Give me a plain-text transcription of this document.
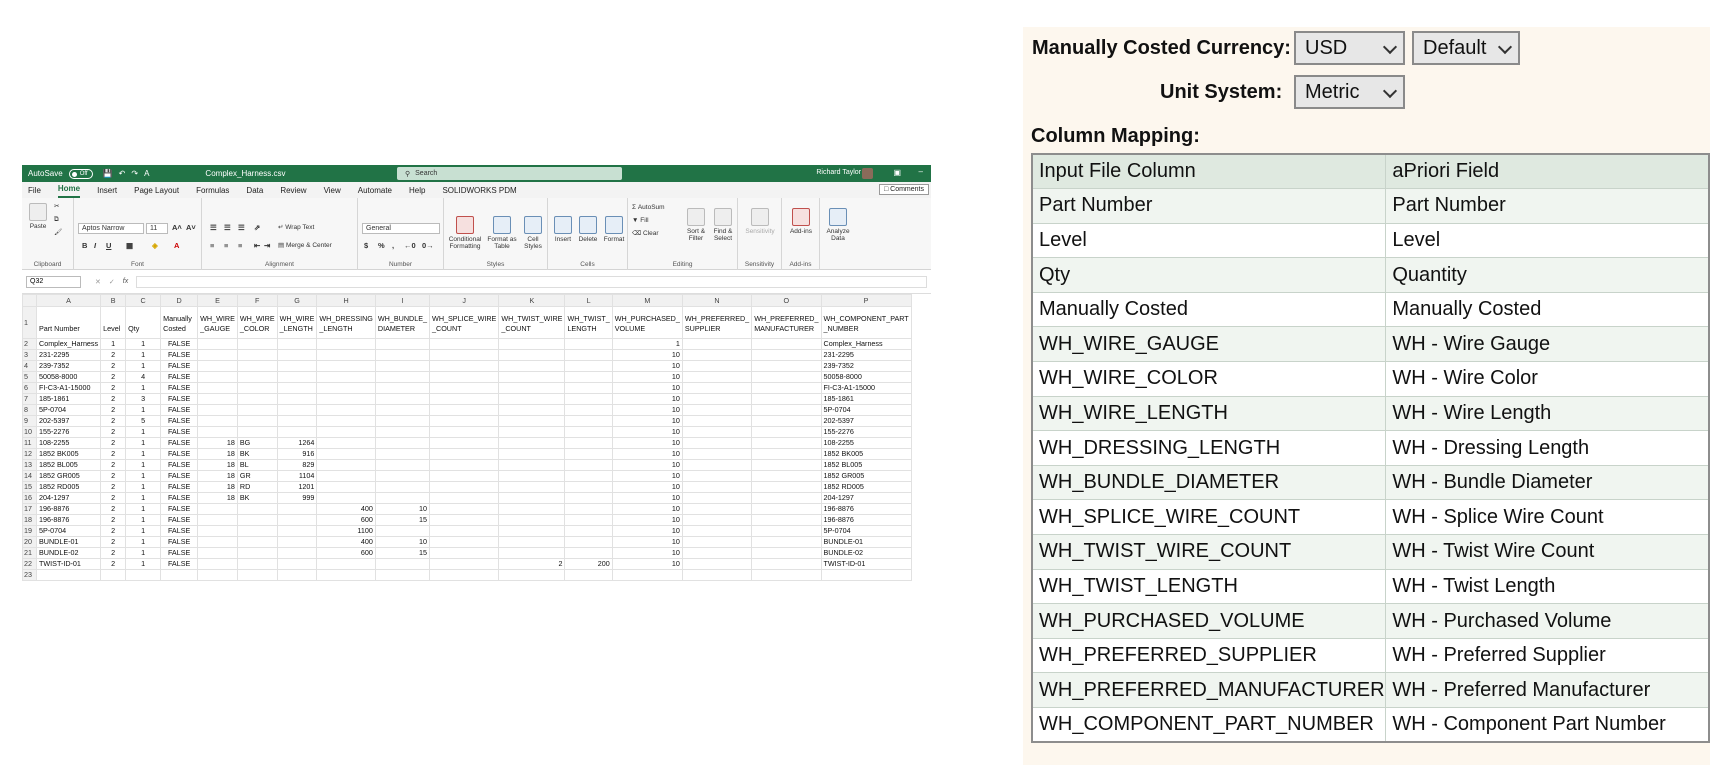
AutoSave	Off	💾 ↶ ↷ A	Complex_Harness.csv	⚲ Search	Richard Taylor	▣ –
File Home Insert Page Layout Formulas Data Review View Automate Help SOLIDWORKS PDM	□ Comments
Paste
✂
⧉
🖌
Clipboard
Aptos Narrow	11	A˄ A˅
B I U ▦	◈ A
Font
☰ ☰ ☰ ⇗	↵ Wrap Text
≡ ≡ ≡ ⇤ ⇥ ▤ Merge & Center
Alignment
General
$ % , ←0 0→
Number
Conditional Formatting
Format as Table
Cell Styles
Styles
Insert	Delete Format
Cells
Σ AutoSum
▼ Fill
⌫ Clear	Sort & Filter
Find & Select
Editing
Sensitivity
Sensitivity
Add-ins
Add-ins
Analyze Data
Q32	✕ ✓ fx
	A	B	C	D	E	F	G	H	I	J	K	L	M	N	O	P
1	Part Number	Level	Qty	Manually Costed	WH_WIRE _GAUGE	WH_WIRE _COLOR	WH_WIRE _LENGTH	WH_DRESSING _LENGTH	WH_BUNDLE_ DIAMETER	WH_SPLICE_WIRE _COUNT	WH_TWIST_WIRE _COUNT	WH_TWIST_ LENGTH	WH_PURCHASED_ VOLUME	WH_PREFERRED_ SUPPLIER	WH_PREFERRED_ MANUFACTURER	WH_COMPONENT_PART _NUMBER
2	Complex_Harness	1	1	FALSE									1			Complex_Harness
3	231-2295	2	1	FALSE									10			231-2295
4	239-7352	2	1	FALSE									10			239-7352
5	50058-8000	2	4	FALSE									10			50058-8000
6	FI-C3-A1-15000	2	1	FALSE									10			FI-C3-A1-15000
7	185-1861	2	3	FALSE									10			185-1861
8	5P-0704	2	1	FALSE									10			5P-0704
9	202-5397	2	5	FALSE									10			202-5397
10	155-2276	2	1	FALSE									10			155-2276
11	108-2255	2	1	FALSE	18	BG	1264						10			108-2255
12	1852 BK005	2	1	FALSE	18	BK	916						10			1852 BK005
13	1852 BL005	2	1	FALSE	18	BL	829						10			1852 BL005
14	1852 GR005	2	1	FALSE	18	GR	1104						10			1852 GR005
15	1852 RD005	2	1	FALSE	18	RD	1201						10			1852 RD005
16	204-1297	2	1	FALSE	18	BK	999						10			204-1297
17	196-8876	2	1	FALSE				400	10				10			196-8876
18	196-8876	2	1	FALSE				600	15				10			196-8876
19	5P-0704	2	1	FALSE				1100					10			5P-0704
20	BUNDLE-01	2	1	FALSE				400	10				10			BUNDLE-01
21	BUNDLE-02	2	1	FALSE				600	15				10			BUNDLE-02
22	TWIST-ID-01	2	1	FALSE							2	200	10			TWIST-ID-01
23																
Manually Costed Currency: USD	Default
Unit System:	Metric
Column Mapping:
Input File Column	aPriori Field
Part Number	Part Number
Level	Level
Qty	Quantity
Manually Costed	Manually Costed
WH_WIRE_GAUGE	WH - Wire Gauge
WH_WIRE_COLOR	WH - Wire Color
WH_WIRE_LENGTH	WH - Wire Length
WH_DRESSING_LENGTH	WH - Dressing Length
WH_BUNDLE_DIAMETER	WH - Bundle Diameter
WH_SPLICE_WIRE_COUNT	WH - Splice Wire Count
WH_TWIST_WIRE_COUNT	WH - Twist Wire Count
WH_TWIST_LENGTH	WH - Twist Length
WH_PURCHASED_VOLUME	WH - Purchased Volume
WH_PREFERRED_SUPPLIER	WH - Preferred Supplier
WH_PREFERRED_MANUFACTURER	WH - Preferred Manufacturer
WH_COMPONENT_PART_NUMBER	WH - Component Part Number
